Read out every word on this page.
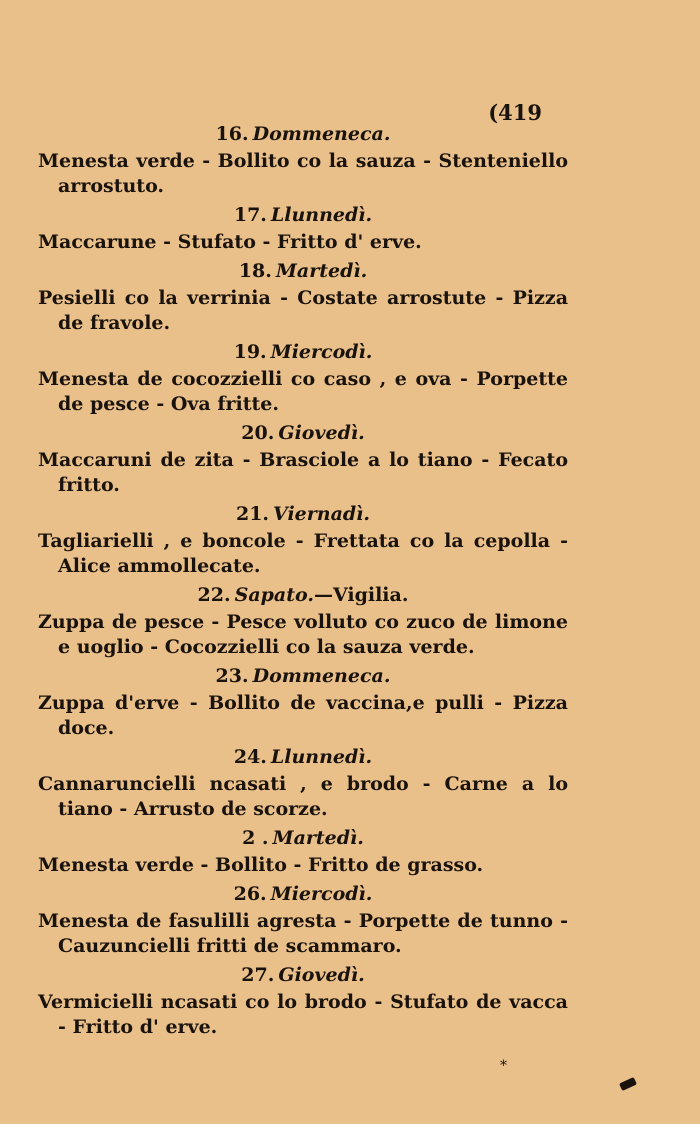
(419
16. Dommeneca.

Menesta verde - Bollito co la sauza - Stenteniello arrostuto.

17. Llunnedì.

Maccarune - Stufato - Fritto d' erve.

18. Martedì.

Pesielli co la verrinia - Costate arrostute - Pizza de fravole.

19. Miercodì.

Menesta de cocozzielli co caso , e ova - Porpette de pesce - Ova fritte.

20. Giovedì.

Maccaruni de zita - Brasciole a lo tiano - Fecato fritto.

21. Viernadì.

Tagliarielli , e boncole - Frettata co la cepolla - Alice ammollecate.

22. Sapato.—Vigilia.

Zuppa de pesce - Pesce volluto co zuco de limone e uoglio - Cocozzielli co la sauza verde.

23. Dommeneca.

Zuppa d'erve - Bollito de vaccina,e pulli - Pizza doce.

24. Llunnedì.

Cannaruncielli ncasati , e brodo - Carne a lo tiano - Arrusto de scorze.

2 . Martedì.

Menesta verde - Bollito - Fritto de grasso.

26. Miercodì.

Menesta de fasulilli agresta - Porpette de tunno - Cauzuncielli fritti de scammaro.

27. Giovedì.

Vermicielli ncasati co lo brodo - Stufato de vacca - Fritto d' erve.

*
